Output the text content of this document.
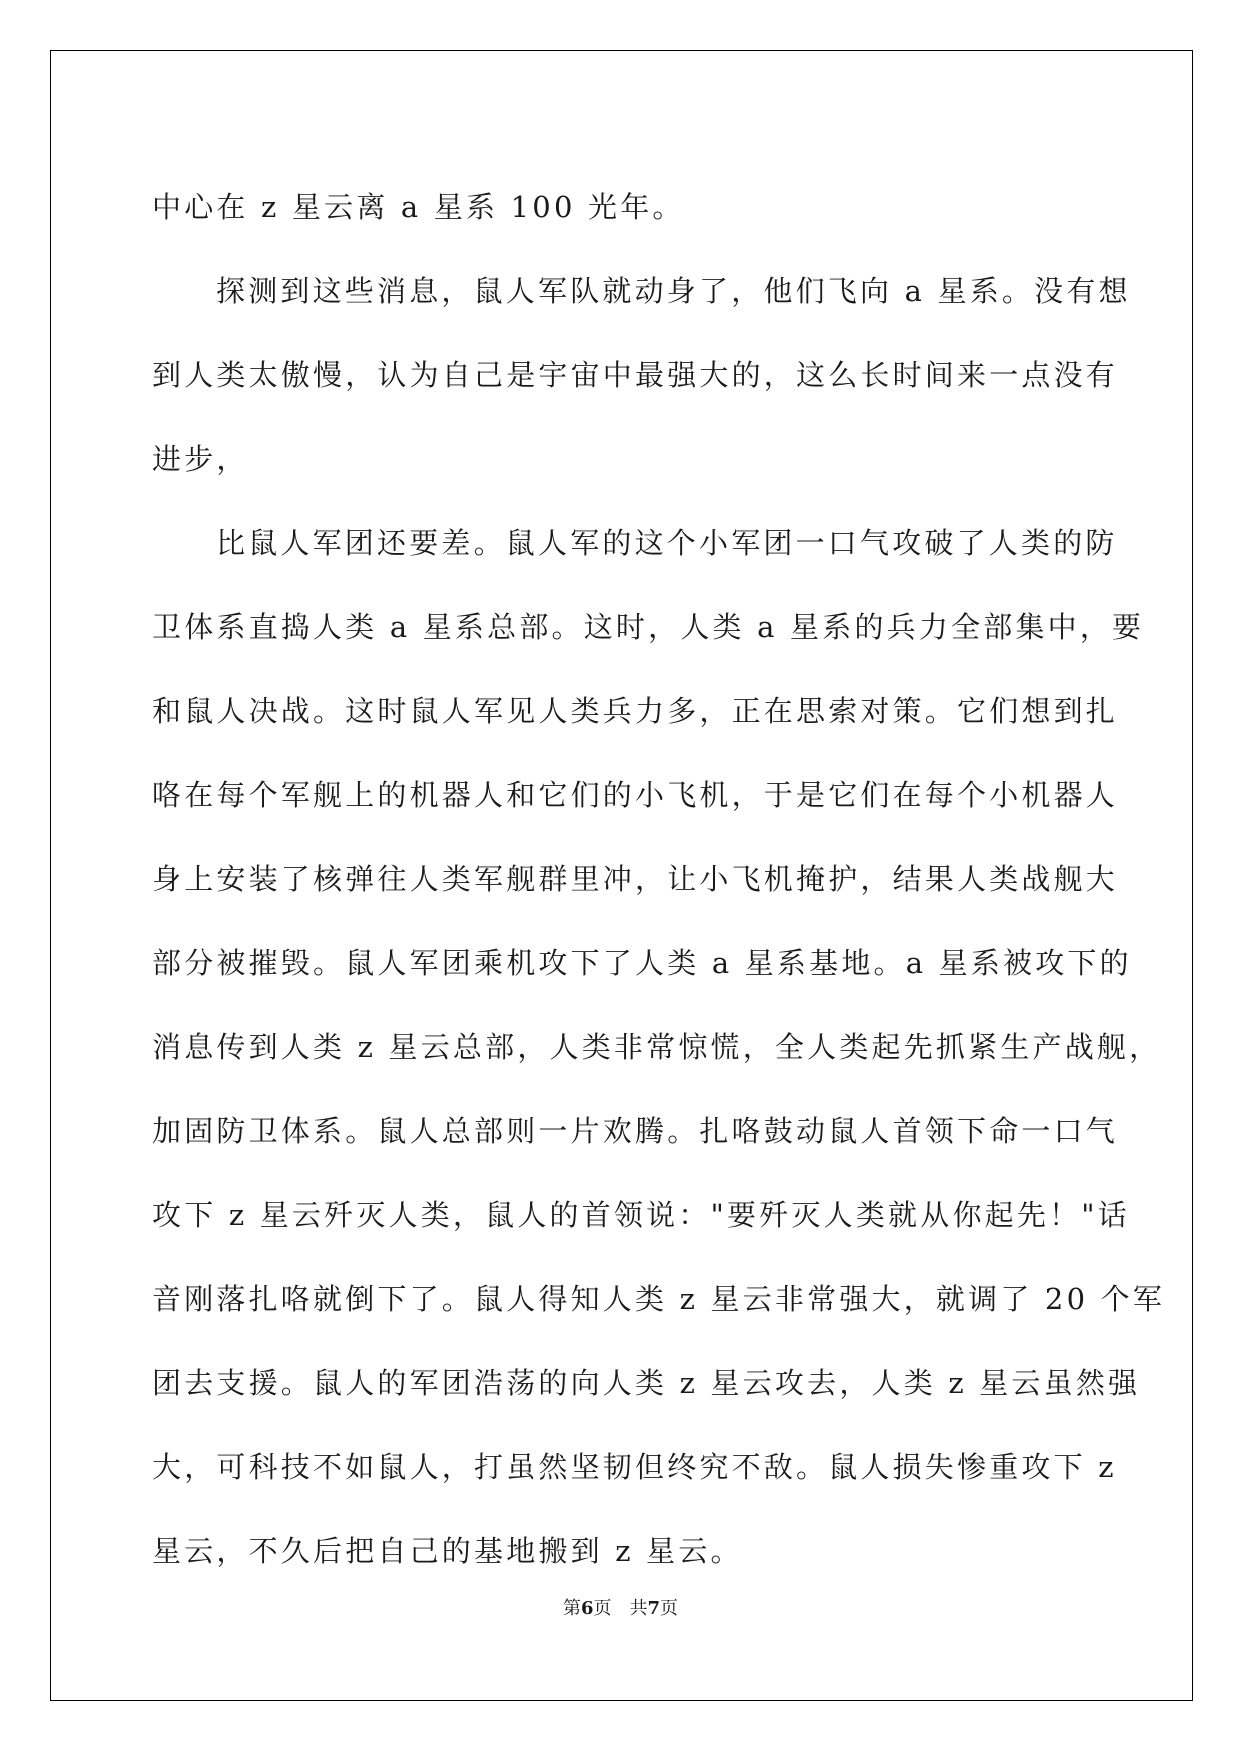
中心在 z 星云离 a 星系 100 光年。
探测到这些消息，鼠人军队就动身了，他们飞向 a 星系。没有想
到人类太傲慢，认为自己是宇宙中最强大的，这么长时间来一点没有
进步，
比鼠人军团还要差。鼠人军的这个小军团一口气攻破了人类的防
卫体系直捣人类 a 星系总部。这时，人类 a 星系的兵力全部集中，要
和鼠人决战。这时鼠人军见人类兵力多，正在思索对策。它们想到扎
咯在每个军舰上的机器人和它们的小飞机，于是它们在每个小机器人
身上安装了核弹往人类军舰群里冲，让小飞机掩护，结果人类战舰大
部分被摧毁。鼠人军团乘机攻下了人类 a 星系基地。a 星系被攻下的
消息传到人类 z 星云总部，人类非常惊慌，全人类起先抓紧生产战舰，
加固防卫体系。鼠人总部则一片欢腾。扎咯鼓动鼠人首领下命一口气
攻下 z 星云歼灭人类，鼠人的首领说："要歼灭人类就从你起先！"话
音刚落扎咯就倒下了。鼠人得知人类 z 星云非常强大，就调了 20 个军
团去支援。鼠人的军团浩荡的向人类 z 星云攻去，人类 z 星云虽然强
大，可科技不如鼠人，打虽然坚韧但终究不敌。鼠人损失惨重攻下 z
星云，不久后把自己的基地搬到 z 星云。
第6页 共7页
